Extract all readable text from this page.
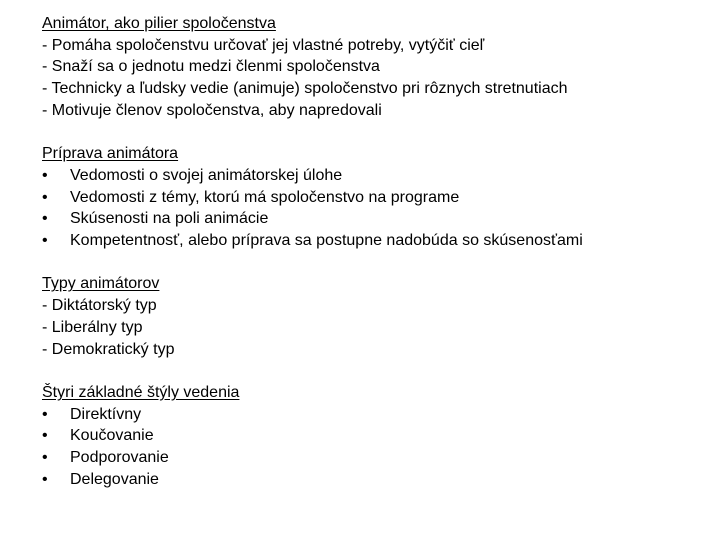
Animátor, ako pilier spoločenstva
- Pomáha spoločenstvu určovať jej vlastné potreby, vytýčiť cieľ
- Snaží sa o jednotu medzi členmi spoločenstva
- Technicky a ľudsky vedie (animuje) spoločenstvo pri rôznych stretnutiach
- Motivuje členov spoločenstva, aby napredovali
Príprava animátora
•	Vedomosti o svojej animátorskej úlohe
•	Vedomosti z témy, ktorú má spoločenstvo na programe
•	Skúsenosti na poli animácie
•	Kompetentnosť, alebo príprava sa postupne nadobúda so skúsenosťami
Typy animátorov
- Diktátorský typ
- Liberálny typ
- Demokratický typ
Štyri základné štýly vedenia
•	Direktívny
•	Koučovanie
•	Podporovanie
•	Delegovanie
